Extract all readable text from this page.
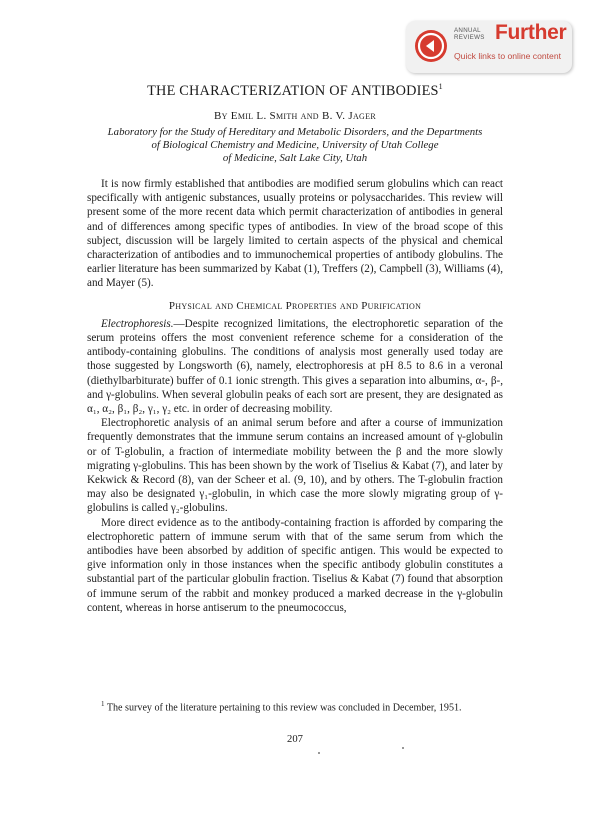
ANNUAL
REVIEWS Further
Quick links to online content
THE CHARACTERIZATION OF ANTIBODIES$^1$
By Emil L. Smith and B. V. Jager
Laboratory for the Study of Hereditary and Metabolic Disorders, and the Departments
of Biological Chemistry and Medicine, University of Utah College
of Medicine, Salt Lake City, Utah

It is now firmly established that antibodies are modified serum globulins which can react specifically with antigenic substances, usually proteins or polysaccharides. This review will present some of the more recent data which permit characterization of antibodies in general and of differences among specific types of antibodies. In view of the broad scope of this subject, discussion will be largely limited to certain aspects of the physical and chemical characterization of antibodies and to immunochemical properties of antibody globulins. The earlier literature has been summarized by Kabat (1), Treffers (2), Campbell (3), Williams (4), and Mayer (5).

Physical and Chemical Properties and Purification

Electrophoresis.—Despite recognized limitations, the electrophoretic separation of the serum proteins offers the most convenient reference scheme for a consideration of the antibody-containing globulins. The conditions of analysis most generally used today are those suggested by Longsworth (6), namely, electrophoresis at pH 8.5 to 8.6 in a veronal (diethylbarbiturate) buffer of 0.1 ionic strength. This gives a separation into albumins, α-, β-, and γ-globulins. When several globulin peaks of each sort are present, they are designated as α₁, α₂, β₁, β₂, γ₁, γ₂ etc. in order of decreasing mobility.

Electrophoretic analysis of an animal serum before and after a course of immunization frequently demonstrates that the immune serum contains an increased amount of γ-globulin or of T-globulin, a fraction of intermediate mobility between the β and the more slowly migrating γ-globulins. This has been shown by the work of Tiselius & Kabat (7), and later by Kekwick & Record (8), van der Scheer et al. (9, 10), and by others. The T-globulin fraction may also be designated γ₁-globulin, in which case the more slowly migrating group of γ-globulins is called γ₂-globulins.

More direct evidence as to the antibody-containing fraction is afforded by comparing the electrophoretic pattern of immune serum with that of the same serum from which the antibodies have been absorbed by addition of specific antigen. This would be expected to give information only in those instances when the specific antibody globulin constitutes a substantial part of the particular globulin fraction. Tiselius & Kabat (7) found that absorption of immune serum of the rabbit and monkey produced a marked decrease in the γ-globulin content, whereas in horse antiserum to the pneumococcus,

$^1$ The survey of the literature pertaining to this review was concluded in December, 1951.
207
